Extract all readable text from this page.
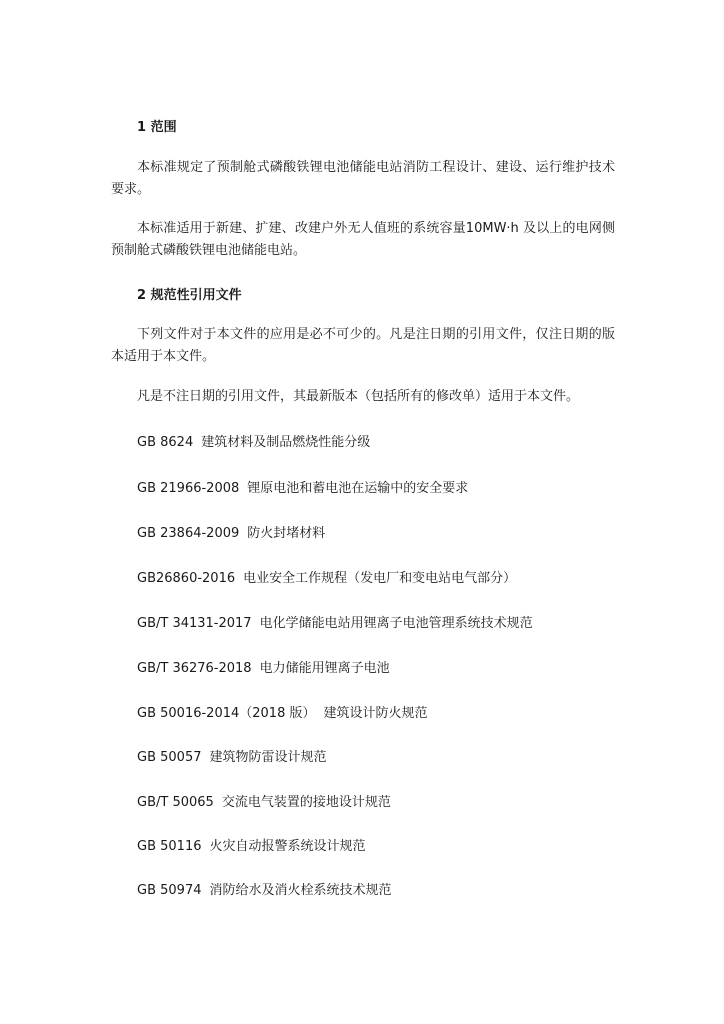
1 范围
本标准规定了预制舱式磷酸铁锂电池储能电站消防工程设计、建设、运行维护技术要求。
本标准适用于新建、扩建、改建户外无人值班的系统容量10MW·h 及以上的电网侧预制舱式磷酸铁锂电池储能电站。
2 规范性引用文件
下列文件对于本文件的应用是必不可少的。凡是注日期的引用文件，仅注日期的版本适用于本文件。
凡是不注日期的引用文件，其最新版本（包括所有的修改单）适用于本文件。
GB 8624 建筑材料及制品燃烧性能分级
GB 21966-2008 锂原电池和蓄电池在运输中的安全要求
GB 23864-2009 防火封堵材料
GB26860-2016 电业安全工作规程（发电厂和变电站电气部分）
GB/T 34131-2017 电化学储能电站用锂离子电池管理系统技术规范
GB/T 36276-2018 电力储能用锂离子电池
GB 50016-2014（2018 版） 建筑设计防火规范
GB 50057 建筑物防雷设计规范
GB/T 50065 交流电气装置的接地设计规范
GB 50116 火灾自动报警系统设计规范
GB 50974 消防给水及消火栓系统技术规范
